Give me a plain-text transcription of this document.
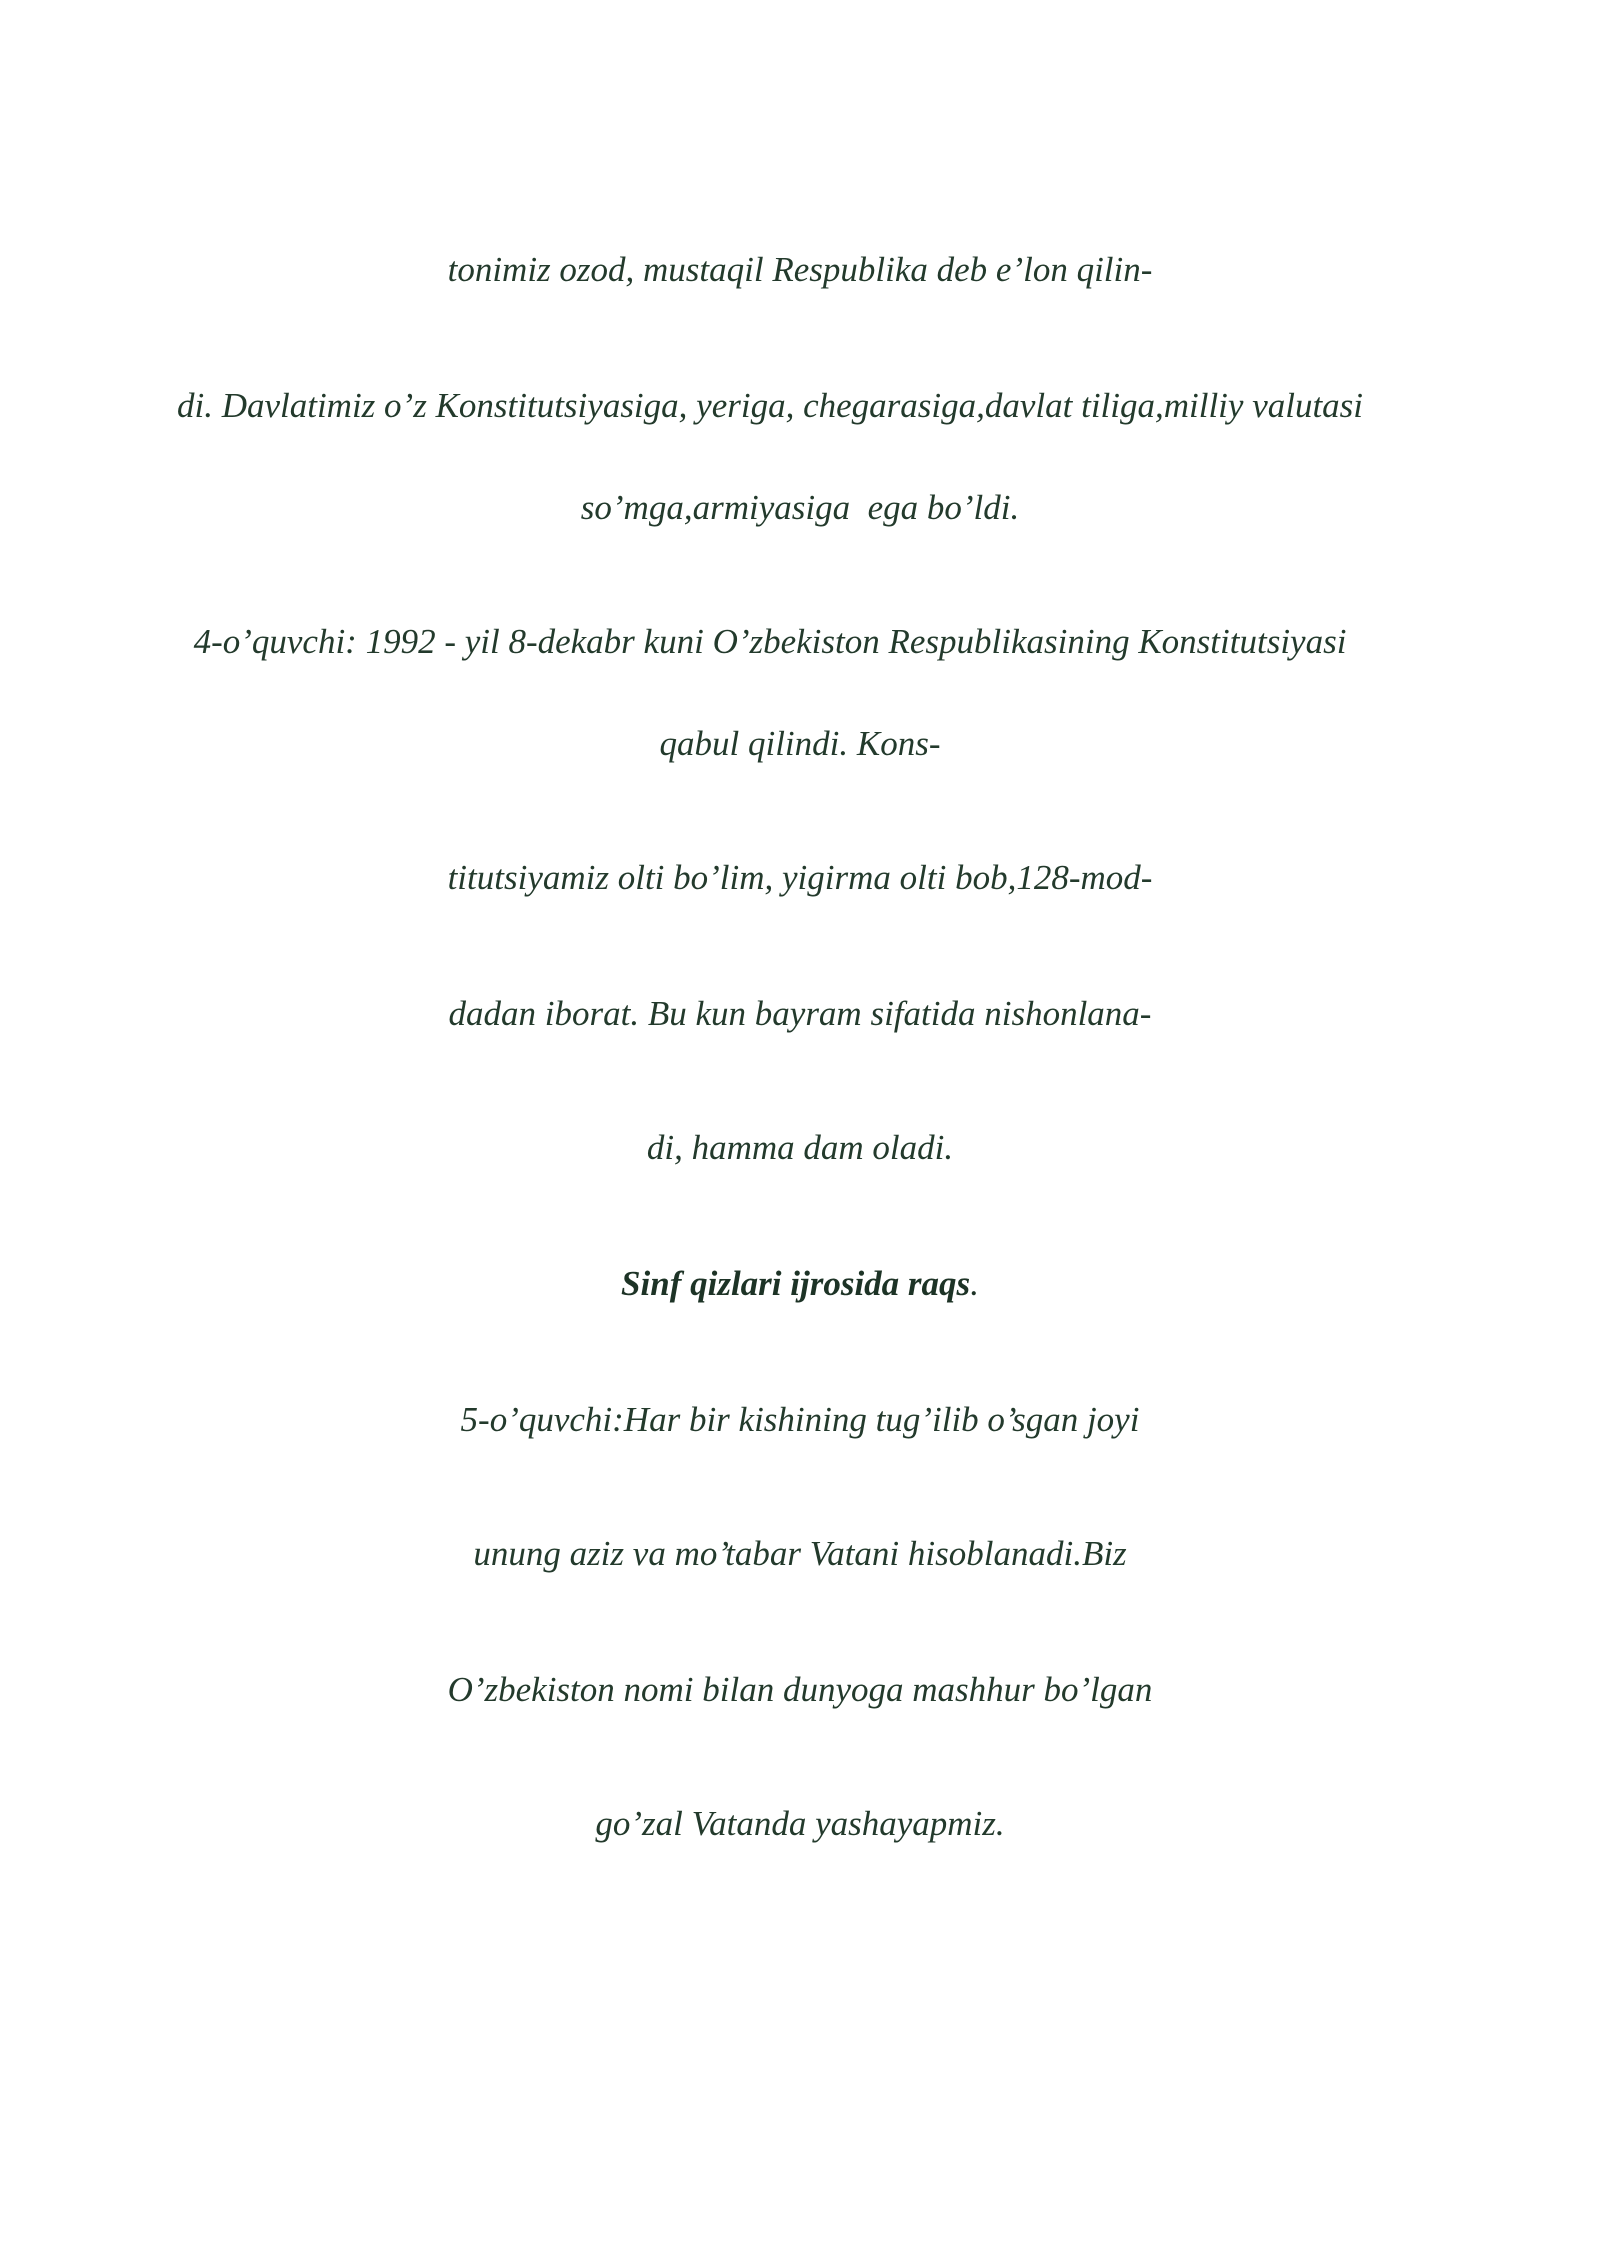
tonimiz ozod, mustaqil Respublika deb e’lon qilin-

di. Davlatimiz o’z Konstitutsiyasiga, yeriga, chegarasiga,davlat tiliga,milliy valutasi

so’mga,armiyasiga  ega bo’ldi.

4-o’quvchi: 1992 - yil 8-dekabr kuni O’zbekiston Respublikasining Konstitutsiyasi

qabul qilindi. Kons-

titutsiyamiz olti bo’lim, yigirma olti bob,128-mod-

dadan iborat. Bu kun bayram sifatida nishonlana-

di, hamma dam oladi.

Sinf qizlari ijrosida raqs.

5-o’quvchi:Har bir kishining tug’ilib o’sgan joyi

unung aziz va mo’tabar Vatani hisoblanadi.Biz

O’zbekiston nomi bilan dunyoga mashhur bo’lgan

go’zal Vatanda yashayapmiz.
